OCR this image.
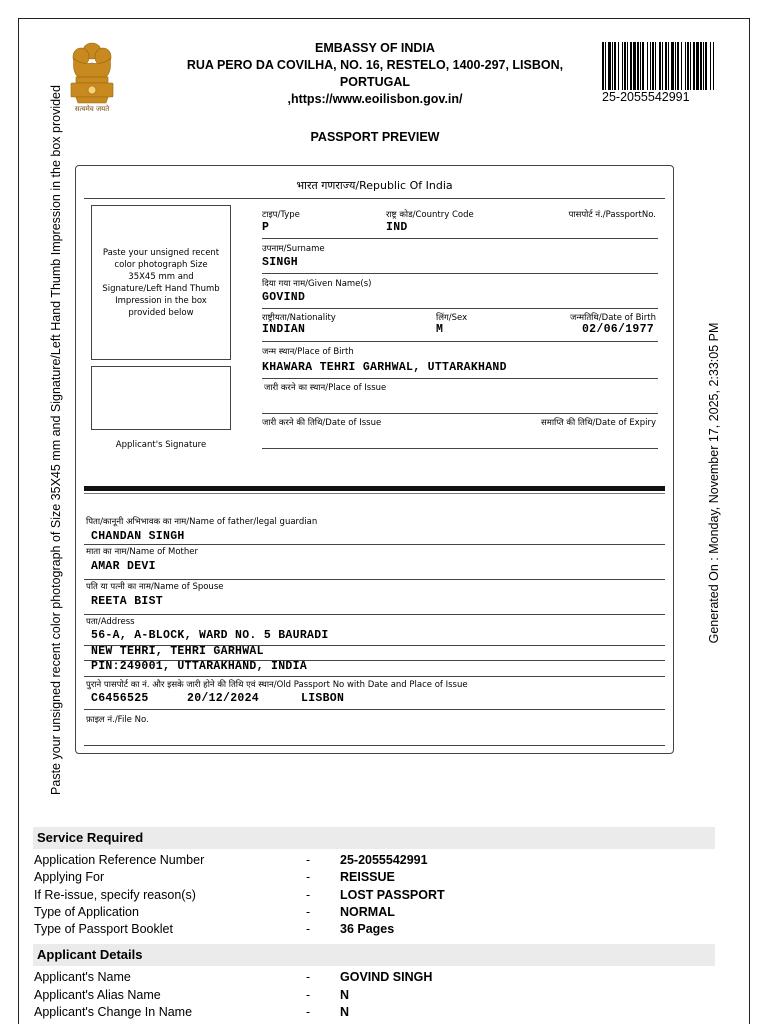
सत्यमेव जयते
EMBASSY OF INDIA
RUA PERO DA COVILHA, NO. 16, RESTELO, 1400-297, LISBON,
PORTUGAL
,https://www.eoilisbon.gov.in/	25-2055542991
PASSPORT PREVIEW
Paste your unsigned recent color photograph of Size 35X45 mm and Signature/Left Hand Thumb Impression in the box provided	Generated On : Monday, November 17, 2025, 2:33:05 PM
भारत गणराज्य/Republic Of India
Paste your unsigned recent color photograph Size 35X45 mm and Signature/Left Hand Thumb Impression in the box provided below
Applicant's Signature
टाइप/Type
P
राष्ट्र कोड/Country Code
IND
पासपोर्ट नं./PassportNo.
उपनाम/Surname
SINGH
दिया गया नाम/Given Name(s)
GOVIND
राष्ट्रीयता/Nationality
INDIAN
लिंग/Sex
M
जन्मतिथि/Date of Birth
02/06/1977
जन्म स्थान/Place of Birth
KHAWARA TEHRI GARHWAL, UTTARAKHAND
जारी करने का स्थान/Place of Issue
जारी करने की तिथि/Date of Issue	समाप्ति की तिथि/Date of Expiry
पिता/कानूनी अभिभावक का नाम/Name of father/legal guardian
CHANDAN SINGH
माता का नाम/Name of Mother
AMAR DEVI
पति या पत्नी का नाम/Name of Spouse
REETA BIST
पता/Address
56-A, A-BLOCK, WARD NO. 5 BAURADI
NEW TEHRI, TEHRI GARHWAL
PIN:249001, UTTARAKHAND, INDIA
पुराने पासपोर्ट का नं. और इसके जारी होने की तिथि एवं स्थान/Old Passport No with Date and Place of Issue
C6456525	20/12/2024	LISBON
फ़ाइल नं./File No.
Service Required
Application Reference Number	- 25-2055542991
Applying For	- REISSUE
If Re-issue, specify reason(s)	- LOST PASSPORT
Type of Application	- NORMAL
Type of Passport Booklet	- 36 Pages
Applicant Details
Applicant's Name	- GOVIND SINGH
Applicant's Alias Name	- N
Applicant's Change In Name	- N
